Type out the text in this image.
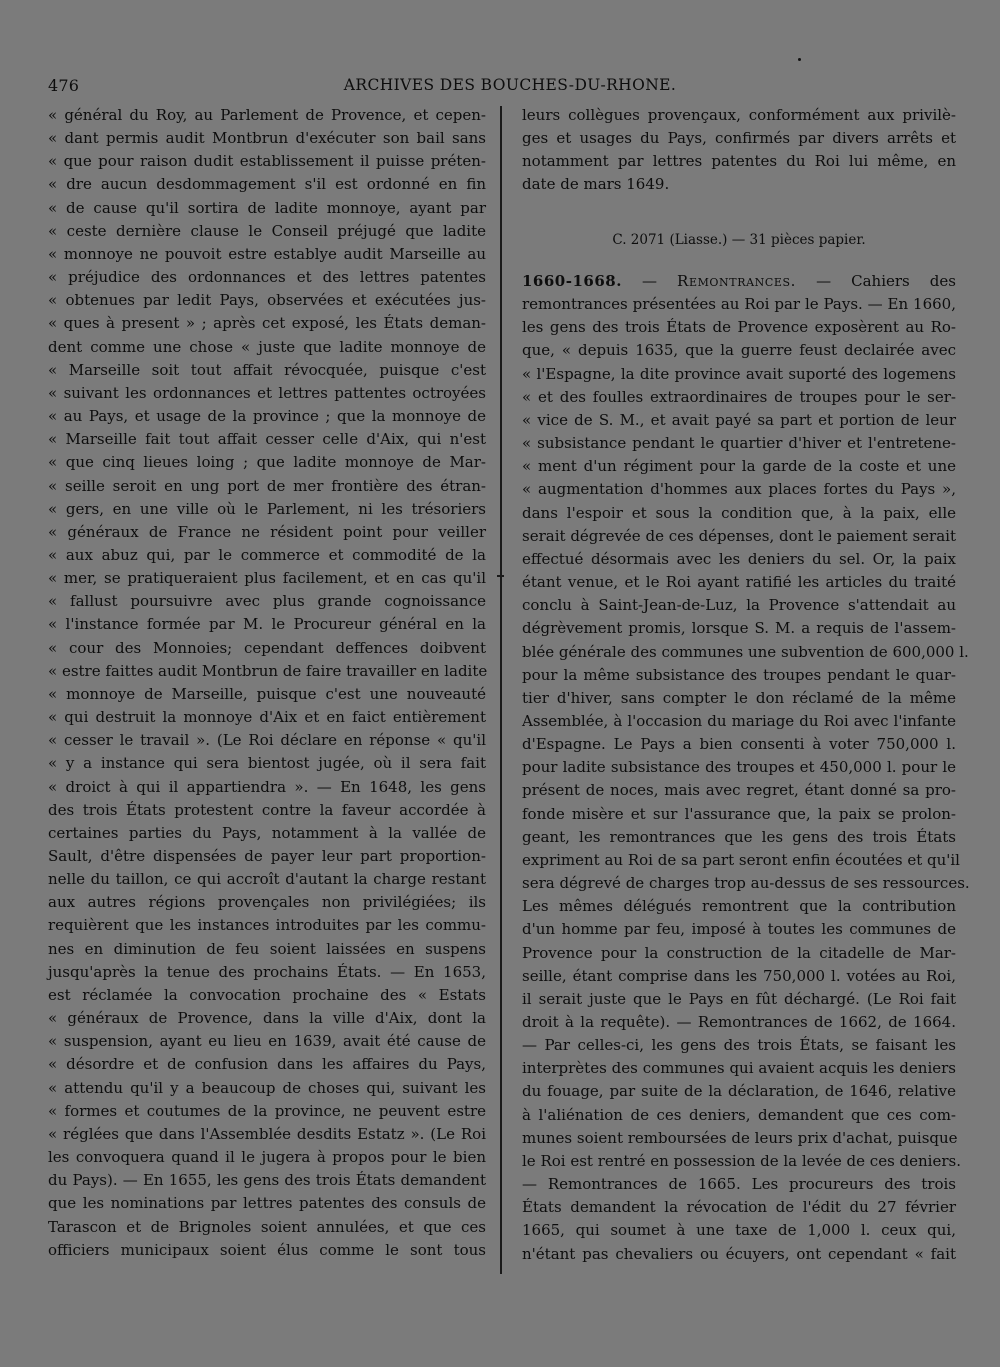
476	ARCHIVES DES BOUCHES-DU-RHONE.
« général du Roy, au Parlement de Provence, et cepen-
« dant permis audit Montbrun d'exécuter son bail sans
« que pour raison dudit establissement il puisse préten-
« dre aucun desdommagement s'il est ordonné en fin
« de cause qu'il sortira de ladite monnoye, ayant par
« ceste dernière clause le Conseil préjugé que ladite
« monnoye ne pouvoit estre establye audit Marseille au
« préjudice des ordonnances et des lettres patentes
« obtenues par ledit Pays, observées et exécutées jus-
« ques à present » ; après cet exposé, les États deman-
dent comme une chose « juste que ladite monnoye de
« Marseille soit tout affait révocquée, puisque c'est
« suivant les ordonnances et lettres pattentes octroyées
« au Pays, et usage de la province ; que la monnoye de
« Marseille fait tout affait cesser celle d'Aix, qui n'est
« que cinq lieues loing ; que ladite monnoye de Mar-
« seille seroit en ung port de mer frontière des étran-
« gers, en une ville où le Parlement, ni les trésoriers
« généraux de France ne résident point pour veiller
« aux abuz qui, par le commerce et commodité de la
« mer, se pratiqueraient plus facilement, et en cas qu'il
« fallust poursuivre avec plus grande cognoissance
« l'instance formée par M. le Procureur général en la
« cour des Monnoies; cependant deffences doibvent
« estre faittes audit Montbrun de faire travailler en ladite
« monnoye de Marseille, puisque c'est une nouveauté
« qui destruit la monnoye d'Aix et en faict entièrement
« cesser le travail ». (Le Roi déclare en réponse « qu'il
« y a instance qui sera bientost jugée, où il sera fait
« droict à qui il appartiendra ». — En 1648, les gens
des trois États protestent contre la faveur accordée à
certaines parties du Pays, notamment à la vallée de
Sault, d'être dispensées de payer leur part proportion-
nelle du taillon, ce qui accroît d'autant la charge restant
aux autres régions provençales non privilégiées; ils
requièrent que les instances introduites par les commu-
nes en diminution de feu soient laissées en suspens
jusqu'après la tenue des prochains États. — En 1653,
est réclamée la convocation prochaine des « Estats
« généraux de Provence, dans la ville d'Aix, dont la
« suspension, ayant eu lieu en 1639, avait été cause de
« désordre et de confusion dans les affaires du Pays,
« attendu qu'il y a beaucoup de choses qui, suivant les
« formes et coutumes de la province, ne peuvent estre
« réglées que dans l'Assemblée desdits Estatz ». (Le Roi
les convoquera quand il le jugera à propos pour le bien
du Pays). — En 1655, les gens des trois États demandent
que les nominations par lettres patentes des consuls de
Tarascon et de Brignoles soient annulées, et que ces
officiers municipaux soient élus comme le sont tous
leurs collègues provençaux, conformément aux privilè-
ges et usages du Pays, confirmés par divers arrêts et
notamment par lettres patentes du Roi lui même, en
date de mars 1649.
C. 2071 (Liasse.) — 31 pièces papier.
1660-1668. — Remontrances. — Cahiers des
remontrances présentées au Roi par le Pays. — En 1660,
les gens des trois États de Provence exposèrent au Ro-
que, « depuis 1635, que la guerre feust declairée avec
« l'Espagne, la dite province avait suporté des logemens
« et des foulles extraordinaires de troupes pour le ser-
« vice de S. M., et avait payé sa part et portion de leur
« subsistance pendant le quartier d'hiver et l'entretene-
« ment d'un régiment pour la garde de la coste et une
« augmentation d'hommes aux places fortes du Pays »,
dans l'espoir et sous la condition que, à la paix, elle
serait dégrevée de ces dépenses, dont le paiement serait
effectué désormais avec les deniers du sel. Or, la paix
étant venue, et le Roi ayant ratifié les articles du traité
conclu à Saint-Jean-de-Luz, la Provence s'attendait au
dégrèvement promis, lorsque S. M. a requis de l'assem-
blée générale des communes une subvention de 600,000 l.
pour la même subsistance des troupes pendant le quar-
tier d'hiver, sans compter le don réclamé de la même
Assemblée, à l'occasion du mariage du Roi avec l'infante
d'Espagne. Le Pays a bien consenti à voter 750,000 l.
pour ladite subsistance des troupes et 450,000 l. pour le
présent de noces, mais avec regret, étant donné sa pro-
fonde misère et sur l'assurance que, la paix se prolon-
geant, les remontrances que les gens des trois États
expriment au Roi de sa part seront enfin écoutées et qu'il
sera dégrevé de charges trop au-dessus de ses ressources.
Les mêmes délégués remontrent que la contribution
d'un homme par feu, imposé à toutes les communes de
Provence pour la construction de la citadelle de Mar-
seille, étant comprise dans les 750,000 l. votées au Roi,
il serait juste que le Pays en fût déchargé. (Le Roi fait
droit à la requête). — Remontrances de 1662, de 1664.
— Par celles-ci, les gens des trois États, se faisant les
interprètes des communes qui avaient acquis les deniers
du fouage, par suite de la déclaration, de 1646, relative
à l'aliénation de ces deniers, demandent que ces com-
munes soient remboursées de leurs prix d'achat, puisque
le Roi est rentré en possession de la levée de ces deniers.
— Remontrances de 1665. Les procureurs des trois
États demandent la révocation de l'édit du 27 février
1665, qui soumet à une taxe de 1,000 l. ceux qui,
n'étant pas chevaliers ou écuyers, ont cependant « fait
